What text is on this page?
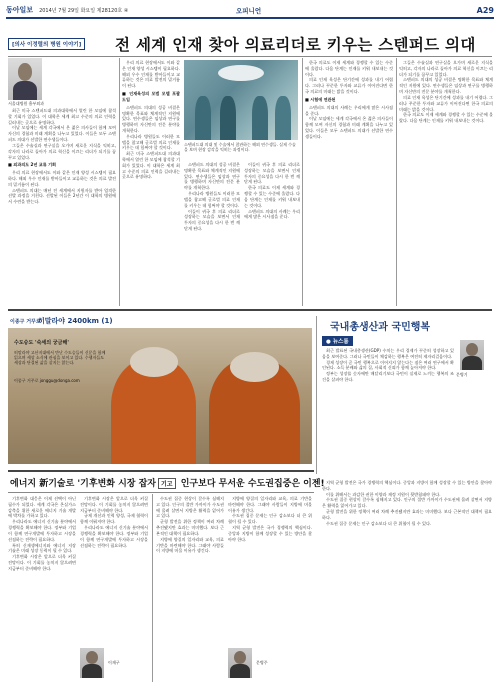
동아일보 2014년 7월 29일 화요일 제28120호 ④	오피니언	A29
[의사 이정렬의 병원 이야기] 전 세계 인재 찾아 의료리더로 키우는 스텐퍼드 의대
서울대병원 흉부외과

최근 미국 스텐퍼드대 의과대학에서 열린 한 모임에 참석할 기회가 있었다. 이 대학은 세계 최고 수준의 의료 인력을 길러내는 곳으로 유명하다.

이날 모임에는 세계 각국에서 온 젊은 의사들이 함께 모여 자신의 경험과 미래 계획을 나누고 있었다. 이들은 모두 스텐퍼드 의대가 선발한 연수생들이다.

그들은 수술실과 연구실을 오가며 새로운 지식을 익히고, 각자의 나라로 돌아가 의료 혁신을 이끄는 리더가 되기를 꿈꾸고 있었다.

■ 외과의도 2년 교류 기회

우리 의료 현장에서도 이와 같은 인재 양성 시스템이 필요하다. 해외 우수 인재를 받아들이고 교류하는 것은 의료 발전의 밑거름이 된다.

스텐퍼드 의대는 매년 전 세계에서 지원자를 받아 엄격한 선발 과정을 거친다. 선발된 이들은 2년간 이 대학의 병원에서 수련을 받는다.

우리 의료 현장에서도 이와 같은 인재 양성 시스템이 필요하다. 해외 우수 인재를 받아들이고 교류하는 것은 의료 발전의 밑거름이 된다.

■ 인재육성의 모범 모델 포괄 도입

스텐퍼드 의대의 성공 비결은 명확한 목표와 체계적인 지원에 있다. 연수생들은 임상과 연구를 병행하며 자신만의 전문 분야를 개척한다.

우리나라 병원들도 이러한 모델을 참고해 글로벌 의료 인재를 키우는 데 힘써야 할 것이다.

최근 미국 스텐퍼드대 의과대학에서 열린 한 모임에 참석할 기회가 있었다. 이 대학은 세계 최고 수준의 의료 인력을 길러내는 곳으로 유명하다.

스탠퍼드대 의대 및 수술에서 참관하는 해외 연수생들. 실제 수술을 보며 현장 감각을 익히는 과정이다.

스텐퍼드 의대의 성공 비결은 명확한 목표와 체계적인 지원에 있다. 연수생들은 임상과 연구를 병행하며 자신만의 전문 분야를 개척한다.

우리나라 병원들도 이러한 모델을 참고해 글로벌 의료 인재를 키우는 데 힘써야 할 것이다.

이들이 귀국 후 의료 리더로 성장하는 모습을 보면서 인재 투자의 중요성을 다시 한 번 깨닫게 된다.

이들이 귀국 후 의료 리더로 성장하는 모습을 보면서 인재 투자의 중요성을 다시 한 번 깨닫게 된다.

한국 의료도 이제 세계와 경쟁할 수 있는 수준에 올랐다. 다음 단계는 인재를 키워 내보내는 것이다.

스텐퍼드 의대의 사례는 우리에게 많은 시사점을 준다.

한국 의료도 이제 세계와 경쟁할 수 있는 수준에 올랐다. 다음 단계는 인재를 키워 내보내는 것이다.

의료 인재 육성은 단기간에 성과를 내기 어렵다. 그러나 꾸준한 투자와 교류가 이어진다면 한국 의료의 미래는 밝을 것이다.

■ 시험에 연관된

스텐퍼드 의대의 사례는 우리에게 많은 시사점을 준다.

이날 모임에는 세계 각국에서 온 젊은 의사들이 함께 모여 자신의 경험과 미래 계획을 나누고 있었다. 이들은 모두 스텐퍼드 의대가 선발한 연수생들이다.

그들은 수술실과 연구실을 오가며 새로운 지식을 익히고, 각자의 나라로 돌아가 의료 혁신을 이끄는 리더가 되기를 꿈꾸고 있었다.

스텐퍼드 의대의 성공 비결은 명확한 목표와 체계적인 지원에 있다. 연수생들은 임상과 연구를 병행하며 자신만의 전문 분야를 개척한다.

의료 인재 육성은 단기간에 성과를 내기 어렵다. 그러나 꾸준한 투자와 교류가 이어진다면 한국 의료의 미래는 밝을 것이다.

한국 의료도 이제 세계와 경쟁할 수 있는 수준에 올랐다. 다음 단계는 인재를 키워 내보내는 것이다.

이종구 거꾸로
히말라야 2400km (1)
수도승도 '숙세의 궁금해'
히말라야 고산지대에서 만난 수도승들이 신문을 함께 읽으며 세상 소식에 관심을 보이고 있다. 수행자들도 세상과 단절된 삶을 살지는 않는다.
이종구 거꾸로 jonggu@donga.com
국내총생산과 국민행복
● 뉴스룸
문병기

최근 발표된 국내총생산(GDP) 수치는 우리 경제가 꾸준히 성장하고 있음을 보여준다. 그러나 국민들이 체감하는 행복은 여전히 제자리걸음이다.

경제 성장이 곧 국민 행복으로 이어지지 않는다는 점은 여러 연구에서 확인된다. 소득 분배와 삶의 질, 사회적 신뢰가 함께 높아져야 한다.

정부는 성장률 숫자에만 매달리기보다 국민이 실제로 느끼는 행복의 조건을 살펴야 한다.

에너지 新기술로 '기후변화 시장 잡자 기고 인구보다 무서운 수도권집중은 이젠!

기후변화 대응은 이제 선택이 아닌 필수가 되었다. 세계 각국은 온실가스 감축을 위한 새로운 에너지 기술 개발에 박차를 가하고 있다.

우리나라도 에너지 신기술 분야에서 경쟁력을 확보해야 한다. 정부와 기업이 함께 연구개발에 투자하고 시장을 선점하는 전략이 필요하다.

특히 신재생에너지와 에너지 저장 기술은 미래 성장 동력이 될 수 있다.

기후변화 시장은 앞으로 더욱 커질 전망이다. 이 기회를 놓치지 않으려면 지금부터 준비해야 한다.

기후변화 시장은 앞으로 더욱 커질 전망이다. 이 기회를 놓치지 않으려면 지금부터 준비해야 한다.

규제 개선과 인력 양성, 국제 협력이 함께 이뤄져야 한다.

우리나라도 에너지 신기술 분야에서 경쟁력을 확보해야 한다. 정부와 기업이 함께 연구개발에 투자하고 시장을 선점하는 전략이 필요하다.

이재구

수도권 집중 현상이 갈수록 심해지고 있다. 인구의 절반 가까이가 수도권에 몰려 살면서 지방은 활력을 잃어가고 있다.

균형 발전을 위한 정책이 여러 차례 추진됐지만 효과는 미미했다. 보다 근본적인 대책이 필요하다.

지방에 양질의 일자리와 교육, 의료 기반을 마련해야 한다. 그래야 사람들이 지방에 머물 이유가 생긴다.

지방에 양질의 일자리와 교육, 의료 기반을 마련해야 한다. 그래야 사람들이 지방에 머물 이유가 생긴다.

수도권 집중 문제는 인구 감소보다 더 큰 위협이 될 수 있다.

지역 균형 발전은 국가 경쟁력의 핵심이다. 중앙과 지방이 함께 성장할 수 있는 방안을 찾아야 한다.

문병주

지역 균형 발전은 국가 경쟁력의 핵심이다. 중앙과 지방이 함께 성장할 수 있는 방안을 찾아야 한다.

이를 위해서는 과감한 권한 이양과 재정 지원이 뒷받침돼야 한다.

수도권 집중 현상이 갈수록 심해지고 있다. 인구의 절반 가까이가 수도권에 몰려 살면서 지방은 활력을 잃어가고 있다.

균형 발전을 위한 정책이 여러 차례 추진됐지만 효과는 미미했다. 보다 근본적인 대책이 필요하다.

수도권 집중 문제는 인구 감소보다 더 큰 위협이 될 수 있다.
